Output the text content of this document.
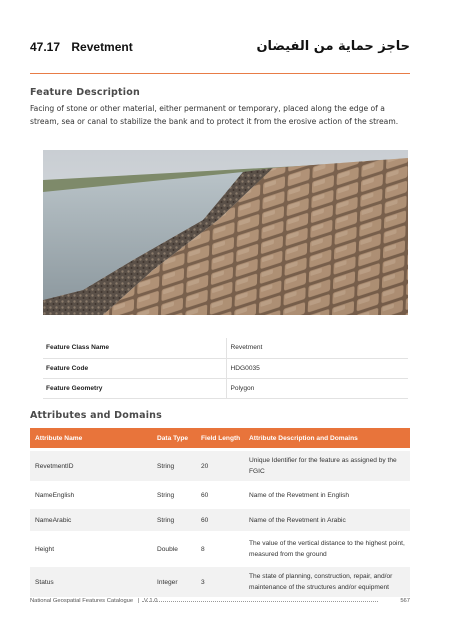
47.17 Revetment	حاجز حماية من الفيضان
Feature Description
Facing of stone or other material, either permanent or temporary, placed along the edge of a stream, sea or canal to stabilize the bank and to protect it from the erosive action of the stream.
Feature Class Name	Revetment
Feature Code	HDG0035
Feature Geometry	Polygon
Attributes and Domains
Attribute Name	Data Type	Field Length	Attribute Description and Domains

RevetmentID	String	20	Unique Identifier for the feature as assigned by the FGIC

NameEnglish	String	60	Name of the Revetment in English

NameArabic	String	60	Name of the Revetment in Arabic

Height	Double	8	The value of the vertical distance to the highest point, measured from the ground

Status	Integer	3	The state of planning, construction, repair, and/or maintenance of the structures and/or equipment
National Geospatial Features Catalogue | V 1.0	567
